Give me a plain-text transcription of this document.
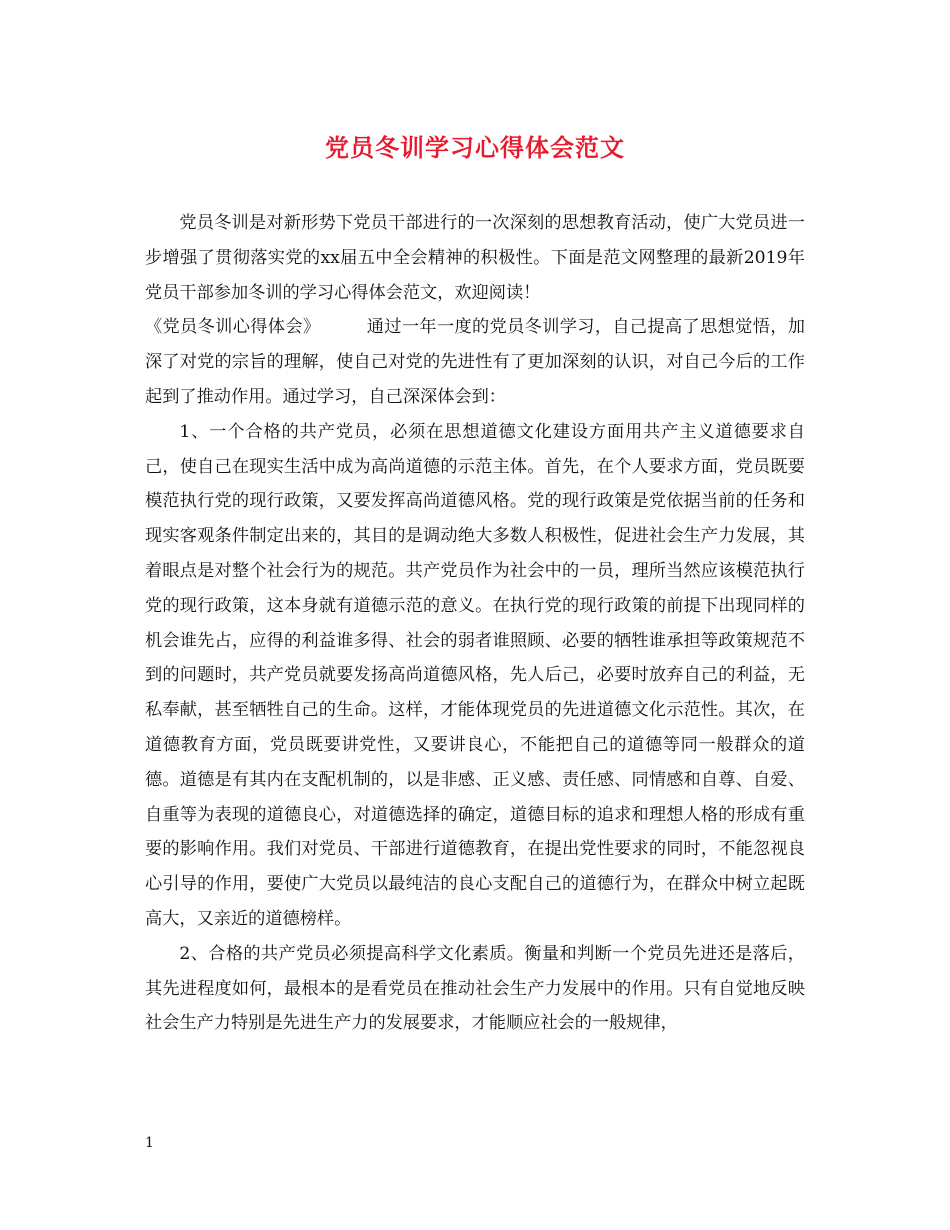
党员冬训学习心得体会范文

党员冬训是对新形势下党员干部进行的一次深刻的思想教育活动，使广大党员进一步增强了贯彻落实党的xx届五中全会精神的积极性。下面是范文网整理的最新2019年党员干部参加冬训的学习心得体会范文，欢迎阅读！

《党员冬训心得体会》	通过一年一度的党员冬训学习，自己提高了思想觉悟，加深了对党的宗旨的理解，使自己对党的先进性有了更加深刻的认识，对自己今后的工作起到了推动作用。通过学习，自己深深体会到：

1、一个合格的共产党员，必须在思想道德文化建设方面用共产主义道德要求自己，使自己在现实生活中成为高尚道德的示范主体。首先，在个人要求方面，党员既要模范执行党的现行政策，又要发挥高尚道德风格。党的现行政策是党依据当前的任务和现实客观条件制定出来的，其目的是调动绝大多数人积极性，促进社会生产力发展，其着眼点是对整个社会行为的规范。共产党员作为社会中的一员，理所当然应该模范执行党的现行政策，这本身就有道德示范的意义。在执行党的现行政策的前提下出现同样的机会谁先占，应得的利益谁多得、社会的弱者谁照顾、必要的牺牲谁承担等政策规范不到的问题时，共产党员就要发扬高尚道德风格，先人后己，必要时放弃自己的利益，无私奉献，甚至牺牲自己的生命。这样，才能体现党员的先进道德文化示范性。其次，在道德教育方面，党员既要讲党性，又要讲良心，不能把自己的道德等同一般群众的道德。道德是有其内在支配机制的，以是非感、正义感、责任感、同情感和自尊、自爱、自重等为表现的道德良心，对道德选择的确定，道德目标的追求和理想人格的形成有重要的影响作用。我们对党员、干部进行道德教育，在提出党性要求的同时，不能忽视良心引导的作用，要使广大党员以最纯洁的良心支配自己的道德行为，在群众中树立起既高大，又亲近的道德榜样。

2、合格的共产党员必须提高科学文化素质。衡量和判断一个党员先进还是落后，其先进程度如何，最根本的是看党员在推动社会生产力发展中的作用。只有自觉地反映社会生产力特别是先进生产力的发展要求，才能顺应社会的一般规律，

1
